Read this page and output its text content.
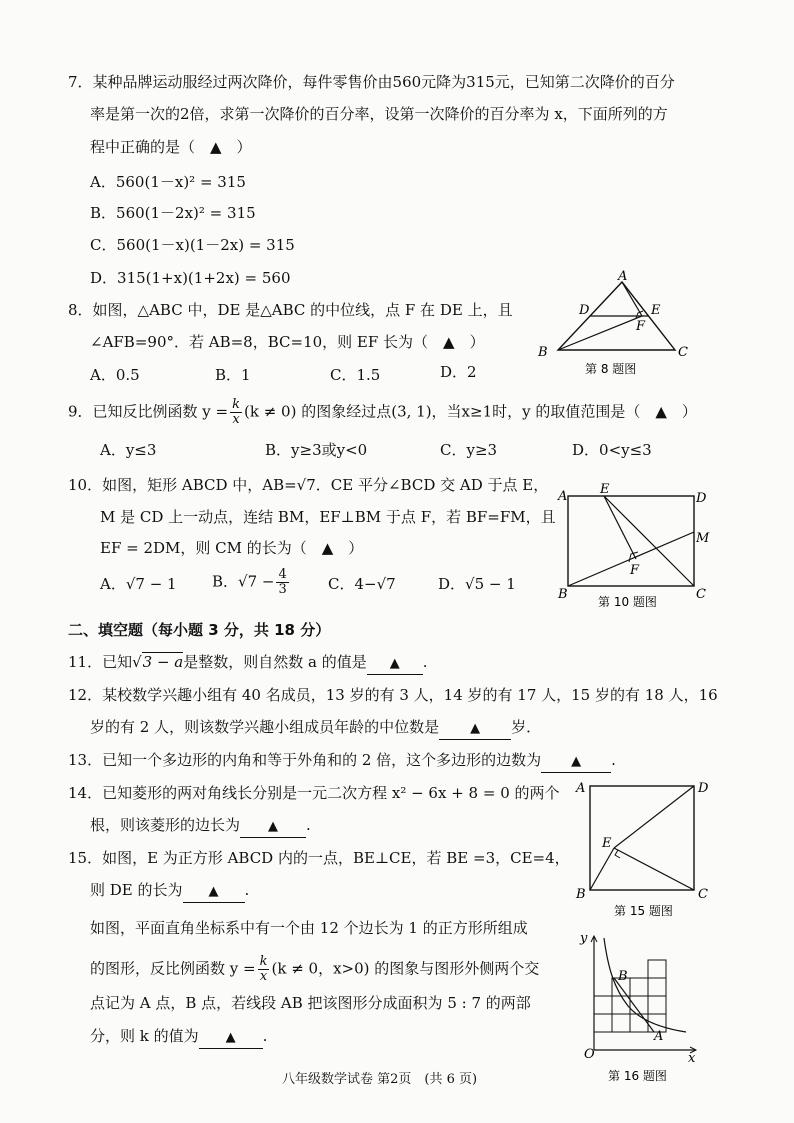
7．某种品牌运动服经过两次降价，每件零售价由560元降为315元，已知第二次降价的百分
率是第一次的2倍，求第一次降价的百分率，设第一次降价的百分率为 x，下面所列的方
程中正确的是（　▲　）
A．560(1－x)² = 315
B．560(1－2x)² = 315
C．560(1－x)(1－2x) = 315
D．315(1+x)(1+2x) = 560
8．如图，△ABC 中，DE 是△ABC 的中位线，点 F 在 DE 上，且
∠AFB=90°．若 AB=8，BC=10，则 EF 长为（　▲　）
A．0.5	B．1	C．1.5	D．2
A
D	E
F
B	C
第 8 题图
9．已知反比例函数 $y = \frac{k}{x} (k \ne 0)$ 的图象经过点(3, 1)，当x≥1时，y 的取值范围是（　▲　）
A．y≤3	B．y≥3或y<0	C．y≥3	D．0<y≤3
10．如图，矩形 ABCD 中，AB=√7．CE 平分∠BCD 交 AD 于点 E，
M 是 CD 上一动点，连结 BM，EF⊥BM 于点 F，若 BF=FM，且
EF = 2DM，则 CM 的长为（　▲　）
A．√7 − 1 B．$√7 - \frac{4}{3}$	C．4−√7	D．√5 − 1
A	E
D
M
F
B	C
第 10 题图
二、填空题（每小题 3 分，共 18 分）
11．已知√3 − a是整数，则自然数 a 的值是 ▲ .
12．某校数学兴趣小组有 40 名成员，13 岁的有 3 人，14 岁的有 17 人，15 岁的有 18 人，16
岁的有 2 人，则该数学兴趣小组成员年龄的中位数是 ▲ 岁．
13．已知一个多边形的内角和等于外角和的 2 倍，这个多边形的边数为 ▲ .
14．已知菱形的两对角线长分别是一元二次方程 x² − 6x + 8 = 0 的两个
根，则该菱形的边长为 ▲ .
15．如图，E 为正方形 ABCD 内的一点，BE⊥CE，若 BE =3，CE=4，
则 DE 的长为 ▲ .
A	D
E
B	C
第 15 题图
如图，平面直角坐标系中有一个由 12 个边长为 1 的正方形所组成
的图形，反比例函数 $y = \frac{k}{x} (k \ne 0$，x>0) 的图象与图形外侧两个交
点记为 A 点，B 点，若线段 AB 把该图形分成面积为 5 : 7 的两部
分，则 k 的值为 ▲ .
y
B
A
O	x
第 16 题图
八年级数学试卷 第2页　(共 6 页)
